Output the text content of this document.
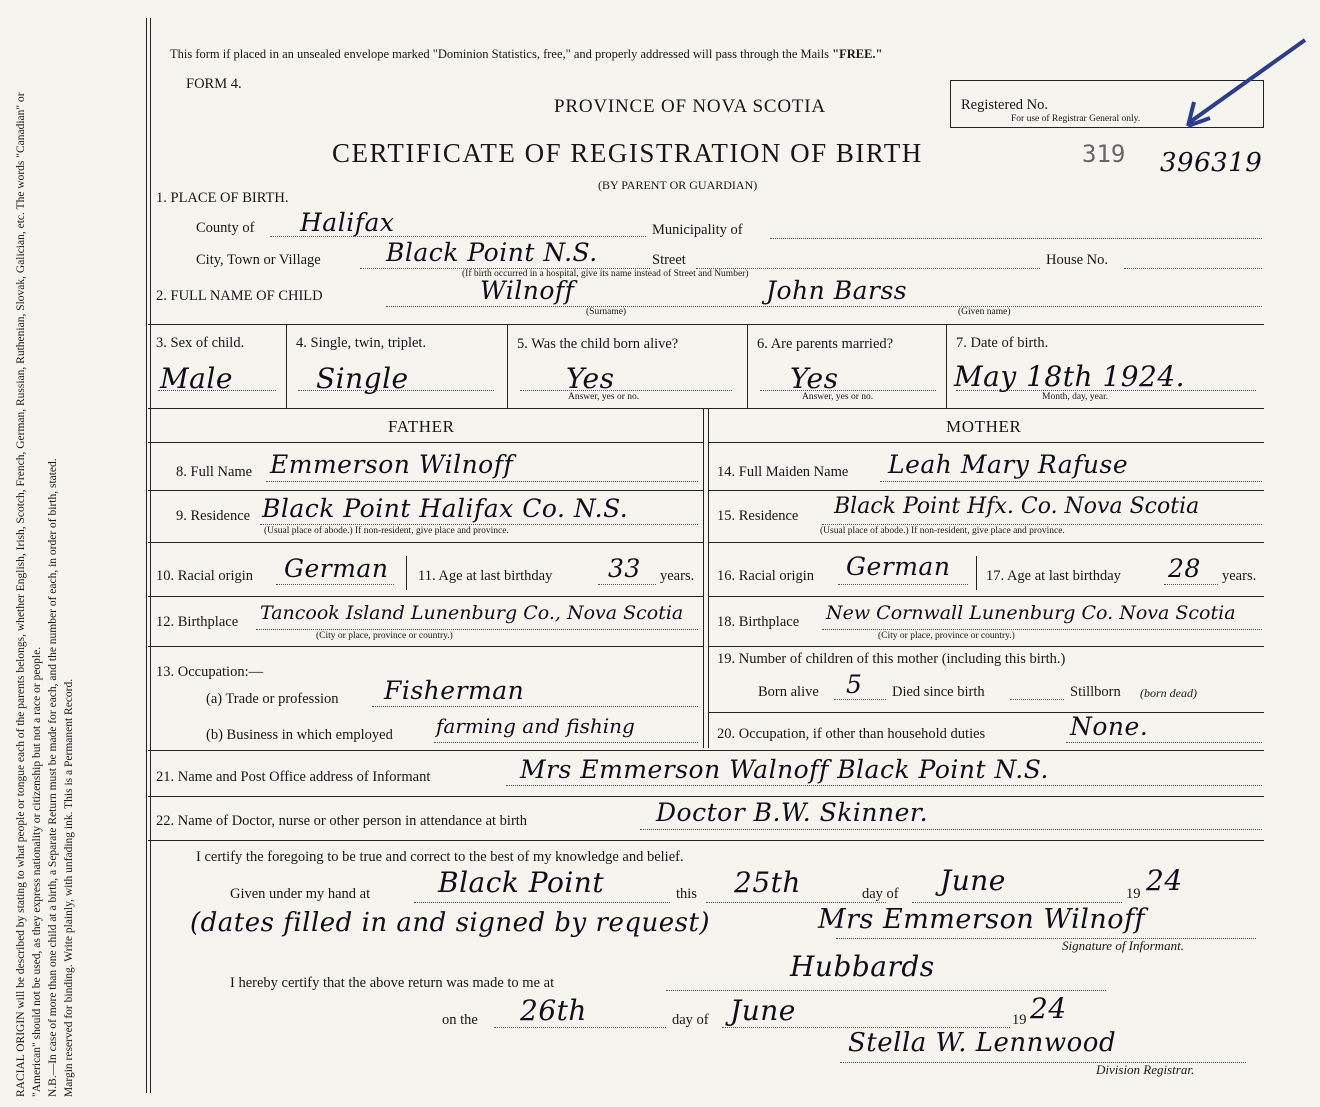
RACIAL ORIGIN will be described by stating to what people or tongue each of the parents belongs, whether English, Irish, Scotch, French, German, Russian, Ruthenian, Slovak, Galician, etc. The words "Canadian" or "American" should not be used, as they express nationality or citizenship but not a race or people. N.B.—In case of more than one child at a birth, a Separate Return must be made for each, and the number of each, in order of birth, stated. Margin reserved for binding. Write plainly, with unfading ink. This is a Permanent Record.
This form if placed in an unsealed envelope marked "Dominion Statistics, free," and properly addressed will pass through the Mails "FREE."
FORM 4.
PROVINCE OF NOVA SCOTIA
CERTIFICATE OF REGISTRATION OF BIRTH
(BY PARENT OR GUARDIAN)
Registered No.
For use of Registrar General only.
319 396319
1. PLACE OF BIRTH.
County of Halifax	Municipality of
City, Town or Village	Black Point N.S.	Street	House No.
(If birth occurred in a hospital, give its name instead of Street and Number)
2. FULL NAME OF CHILD	Wilnoff
(Surname)
John Barss
(Given name)
3. Sex of child.
Male
4. Single, twin, triplet.
Single
5. Was the child born alive?
Yes
Answer, yes or no.
6. Are parents married?
Yes
Answer, yes or no.
7. Date of birth.
May 18th 1924.
Month, day, year.
FATHER	MOTHER
8. Full Name Emmerson Wilnoff
9. Residence Black Point Halifax Co. N.S.
(Usual place of abode.) If non-resident, give place and province.
10. Racial origin German 11. Age at last birthday 33 years.
12. Birthplace Tancook Island Lunenburg Co., Nova Scotia
(City or place, province or country.)
13. Occupation:—
(a) Trade or profession Fisherman
(b) Business in which employed farming and fishing
14. Full Maiden Name Leah Mary Rafuse
15. Residence Black Point Hfx. Co. Nova Scotia
(Usual place of abode.) If non-resident, give place and province.
16. Racial origin German 17. Age at last birthday 28 years.
18. Birthplace New Cornwall Lunenburg Co. Nova Scotia
(City or place, province or country.)
19. Number of children of this mother (including this birth.)
Born alive 5 Died since birth	Stillborn (born dead)
20. Occupation, if other than household duties	None.
21. Name and Post Office address of Informant	Mrs Emmerson Walnoff Black Point N.S.
22. Name of Doctor, nurse or other person in attendance at birth	Doctor B.W. Skinner.
I certify the foregoing to be true and correct to the best of my knowledge and belief.
Given under my hand at Black Point	this 25th	day of June	19 24
(dates filled in and signed by request)	Mrs Emmerson Wilnoff
Signature of Informant.
I hereby certify that the above return was made to me at	Hubbards
on the 26th	day of June	19 24
Stella W. Lennwood
Division Registrar.
